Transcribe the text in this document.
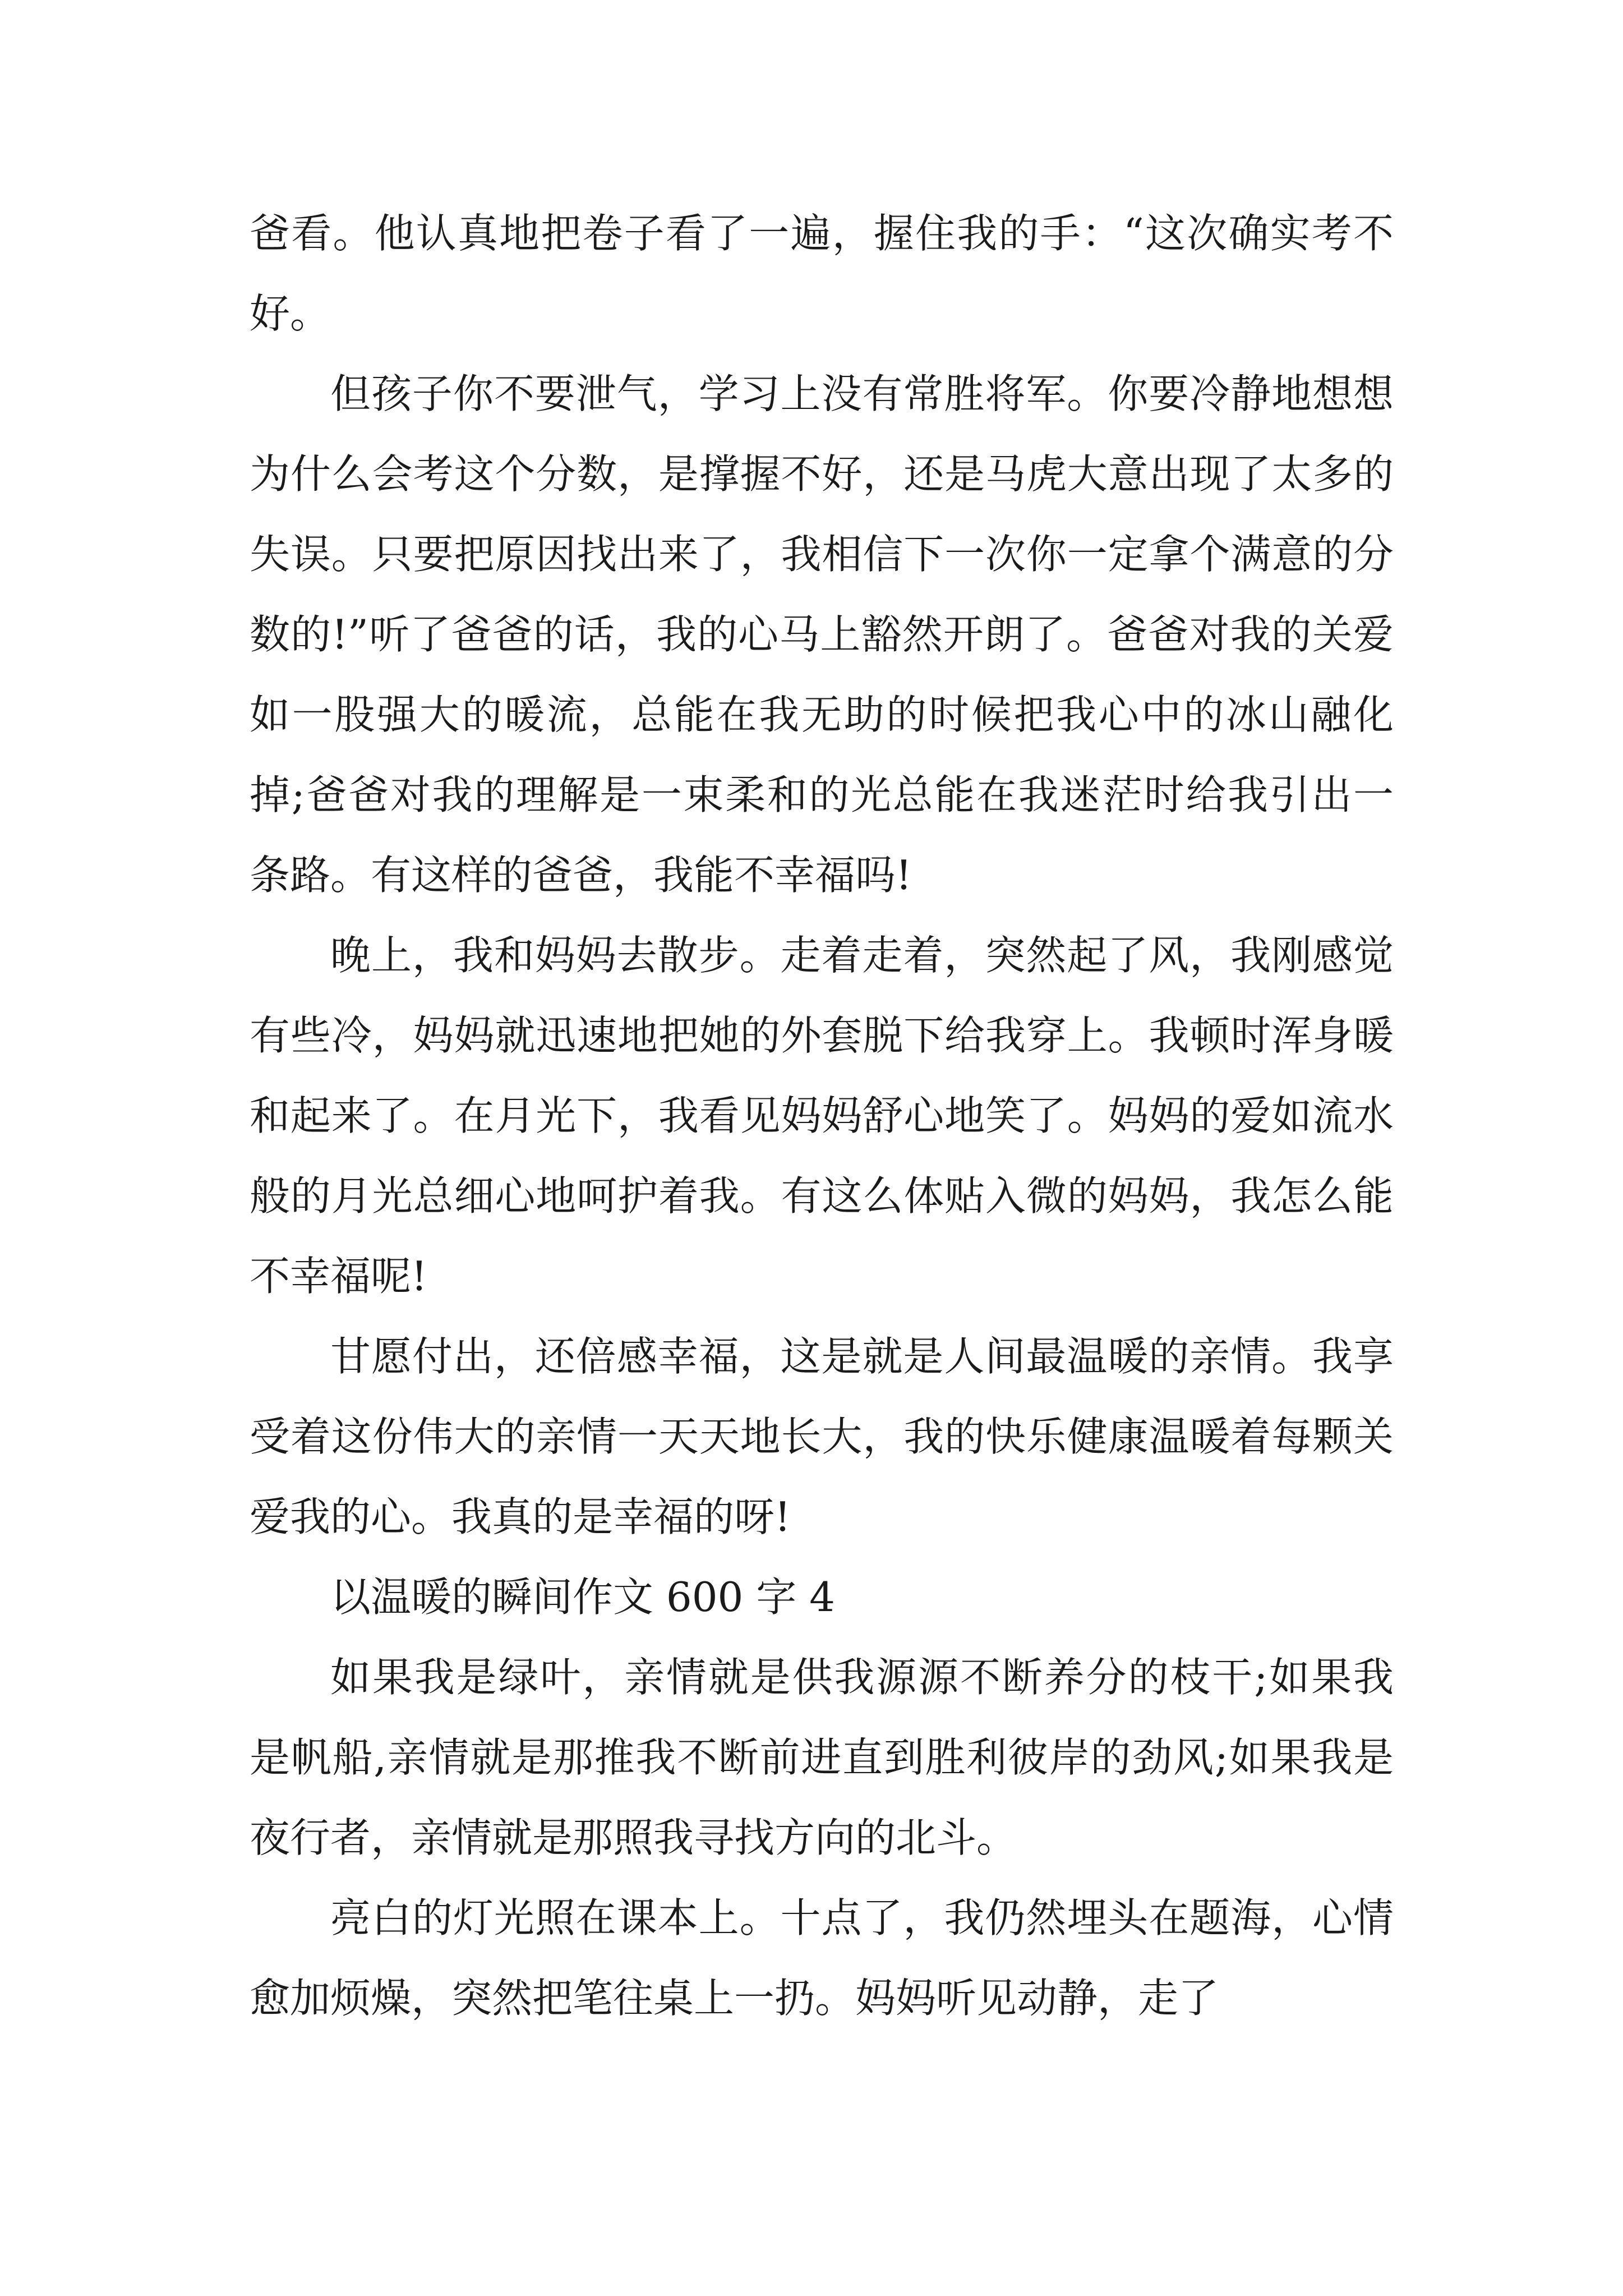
爸看。他认真地把卷子看了一遍，握住我的手：“这次确实考不好。

但孩子你不要泄气，学习上没有常胜将军。你要冷静地想想为什么会考这个分数，是撑握不好，还是马虎大意出现了太多的失误。只要把原因找出来了，我相信下一次你一定拿个满意的分数的!”听了爸爸的话，我的心马上豁然开朗了。爸爸对我的关爱如一股强大的暖流，总能在我无助的时候把我心中的冰山融化掉;爸爸对我的理解是一束柔和的光总能在我迷茫时给我引出一条路。有这样的爸爸，我能不幸福吗!

晚上，我和妈妈去散步。走着走着，突然起了风，我刚感觉有些冷，妈妈就迅速地把她的外套脱下给我穿上。我顿时浑身暖和起来了。在月光下，我看见妈妈舒心地笑了。妈妈的爱如流水般的月光总细心地呵护着我。有这么体贴入微的妈妈，我怎么能不幸福呢!

甘愿付出，还倍感幸福，这是就是人间最温暖的亲情。我享受着这份伟大的亲情一天天地长大，我的快乐健康温暖着每颗关爱我的心。我真的是幸福的呀!

以温暖的瞬间作文 600 字 4

如果我是绿叶，亲情就是供我源源不断养分的枝干;如果我是帆船,亲情就是那推我不断前进直到胜利彼岸的劲风;如果我是夜行者，亲情就是那照我寻找方向的北斗。

亮白的灯光照在课本上。十点了，我仍然埋头在题海，心情愈加烦燥，突然把笔往桌上一扔。妈妈听见动静，走了
